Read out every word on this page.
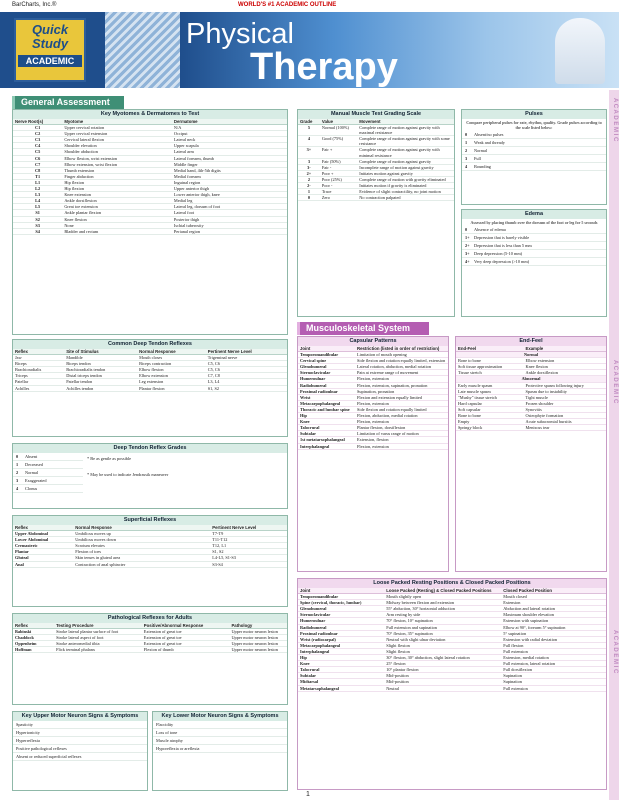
BarCharts, Inc.®	WORLD'S #1 ACADEMIC OUTLINE
Quick
Study
ACADEMIC
Physical
Therapy
A C A D E M I C
A C A D E M I C
A C A D E M I C
General Assessment
Key Myotomes & Dermatomes to Test
Nerve Root(s)	Myotome	Dermatome
C1	Upper cervical rotation	N/A
C2	Upper cervical extension	Occiput
C3	Cervical lateral flexion	Lateral neck
C4	Shoulder elevation	Upper scapula
C5	Shoulder abduction	Lateral arm
C6	Elbow flexion, wrist extension	Lateral forearm, thumb
C7	Elbow extension, wrist flexion	Middle finger
C8	Thumb extension	Medial hand, 4th-5th digits
T1	Finger abduction	Medial forearm
L1	Hip flexion	Inguinal region
L2	Hip flexion	Upper anterior thigh
L3	Knee extension	Lower anterior thigh, knee
L4	Ankle dorsiflexion	Medial leg
L5	Great toe extension	Lateral leg, dorsum of foot
S1	Ankle plantar flexion	Lateral foot
S2	Knee flexion	Posterior thigh
S3	None	Ischial tuberosity
S4	Bladder and rectum	Perianal region
Manual Muscle Test Grading Scale
Grade	Value	Movement
5	Normal (100%)	Complete range of motion against gravity with maximal resistance
4	Good (75%)	Complete range of motion against gravity with some resistance
3+	Fair +	Complete range of motion against gravity with minimal resistance
3	Fair (50%)	Complete range of motion against gravity
3-	Fair -	Incomplete range of motion against gravity
2+	Poor +	Initiates motion against gravity
2	Poor (25%)	Complete range of motion with gravity eliminated
2-	Poor -	Initiates motion if gravity is eliminated
1	Trace	Evidence of slight contractility, no joint motion
0	Zero	No contraction palpated
Pulses
Compare peripheral pulses for rate, rhythm, quality. Grade pulses according to the scale listed below:
0 Absent/no pulses
1 Weak and thready
2 Normal
3 Full
4 Bounding
Edema
Assessed by placing thumb over the dorsum of the foot or leg for 5 seconds
0 Absence of edema
1+ Depression that is barely visible
2+ Depression that is less than 5 mm
3+ Deep depression (5-10 mm)
4+ Very deep depression (>10 mm)
Musculoskeletal System
Common Deep Tendon Reflexes
Reflex	Site of Stimulus	Normal Response	Pertinent Nerve Level
Jaw	Mandible	Mouth closes	Trigeminal nerve
Biceps	Biceps tendon	Biceps contraction	C5, C6
Brachioradialis	Brachioradialis tendon	Elbow flexion	C5, C6
Triceps	Distal triceps tendon	Elbow extension	C7, C8
Patellar	Patellar tendon	Leg extension	L3, L4
Achilles	Achilles tendon	Plantar flexion	S1, S2
Deep Tendon Reflex Grades
0 Absent
1 Decreased
2 Normal
3 Exaggerated
4 Clonus
* Be as gentle as possible
* May be used to indicate Jendrassik maneuver
Superficial Reflexes
Reflex	Normal Response	Pertinent Nerve Level
Upper Abdominal	Umbilicus moves up	T7-T9
Lower Abdominal	Umbilicus moves down	T11-T12
Cremasteric	Scrotum elevates	T12, L1
Plantar	Flexion of toes	S1, S2
Gluteal	Skin tenses in gluteal area	L4-L5, S1-S3
Anal	Contraction of anal sphincter	S3-S4
Pathological Reflexes for Adults
Reflex	Testing Procedure	Positive/Abnormal Response	Pathology
Babinski	Stroke lateral plantar surface of foot	Extension of great toe	Upper motor neuron lesion
Chaddock	Stroke lateral aspect of foot	Extension of great toe	Upper motor neuron lesion
Oppenheim	Stroke anteromedial tibia	Extension of great toe	Upper motor neuron lesion
Hoffman	Flick terminal phalanx	Flexion of thumb	Upper motor neuron lesion
Key Upper Motor Neuron Signs & Symptoms
Spasticity
Hypertonicity
Hyperreflexia
Positive pathological reflexes
Absent or reduced superficial reflexes
Key Lower Motor Neuron Signs & Symptoms
Flaccidity
Loss of tone
Muscle atrophy
Hyporeflexia or areflexia
Capsular Patterns
Joint	Restriction (listed in order of restriction)
Temporomandibular	Limitation of mouth opening
Cervical spine	Side flexion and rotation equally limited, extension
Glenohumeral	Lateral rotation, abduction, medial rotation
Sternoclavicular	Pain at extreme range of movement
Humeroulnar	Flexion, extension
Radiohumeral	Flexion, extension, supination, pronation
Proximal radioulnar	Supination, pronation
Wrist	Flexion and extension equally limited
Metacarpophalangeal	Flexion, extension
Thoracic and lumbar spine	Side flexion and rotation equally limited
Hip	Flexion, abduction, medial rotation
Knee	Flexion, extension
Talocrural	Plantar flexion, dorsiflexion
Subtalar	Limitation of varus range of motion
1st metatarsophalangeal	Extension, flexion
Interphalangeal	Flexion, extension
End-Feel
End-Feel	Example
Normal	
Bone to bone	Elbow extension
Soft tissue approximation	Knee flexion
Tissue stretch	Ankle dorsiflexion
Abnormal	
Early muscle spasm	Protective spasm following injury
Late muscle spasm	Spasm due to instability
"Mushy" tissue stretch	Tight muscle
Hard capsular	Frozen shoulder
Soft capsular	Synovitis
Bone to bone	Osteophyte formation
Empty	Acute subacromial bursitis
Springy block	Meniscus tear
Loose Packed Resting Positions & Closed Packed Positions
Joint	Loose Packed (Resting) & Closed Packed Positions	Closed Packed Position
Temporomandibular	Mouth slightly open	Mouth closed
Spine (cervical, thoracic, lumbar)	Midway between flexion and extension	Extension
Glenohumeral	55° abduction, 30° horizontal adduction	Abduction and lateral rotation
Sternoclavicular	Arm resting by side	Maximum shoulder elevation
Humeroulnar	70° flexion, 10° supination	Extension with supination
Radiohumeral	Full extension and supination	Elbow at 90°, forearm 5° supination
Proximal radioulnar	70° flexion, 35° supination	5° supination
Wrist (radiocarpal)	Neutral with slight ulnar deviation	Extension with radial deviation
Metacarpophalangeal	Slight flexion	Full flexion
Interphalangeal	Slight flexion	Full extension
Hip	30° flexion, 30° abduction, slight lateral rotation	Extension, medial rotation
Knee	25° flexion	Full extension, lateral rotation
Talocrural	10° plantar flexion	Full dorsiflexion
Subtalar	Mid-position	Supination
Midtarsal	Mid-position	Supination
Metatarsophalangeal	Neutral	Full extension
1
